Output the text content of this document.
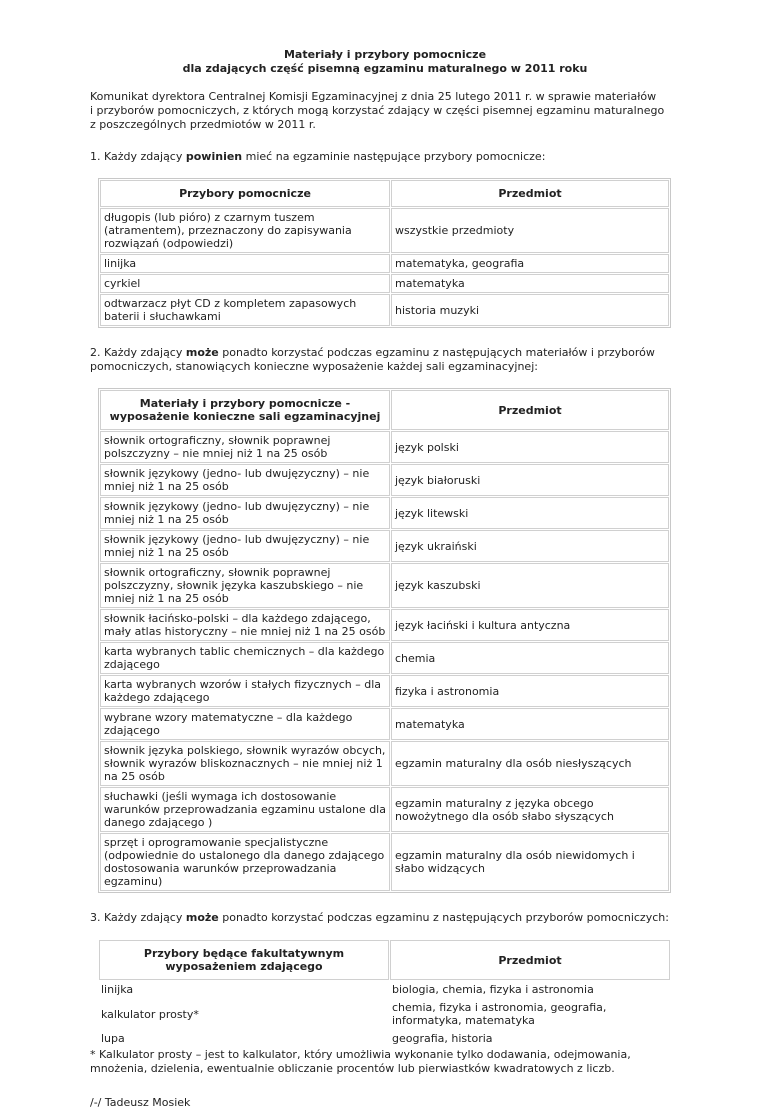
Materiały i przybory pomocnicze
dla zdających część pisemną egzaminu maturalnego w 2011 roku

Komunikat dyrektora Centralnej Komisji Egzaminacyjnej z dnia 25 lutego 2011 r. w sprawie materiałów
i przyborów pomocniczych, z których mogą korzystać zdający w części pisemnej egzaminu maturalnego
z poszczególnych przedmiotów w 2011 r.

1. Każdy zdający powinien mieć na egzaminie następujące przybory pomocnicze:

Przybory pomocnicze	Przedmiot
długopis (lub pióro) z czarnym tuszem (atramentem), przeznaczony do zapisywania rozwiązań (odpowiedzi)	wszystkie przedmioty
linijka	matematyka, geografia
cyrkiel	matematyka
odtwarzacz płyt CD z kompletem zapasowych baterii i słuchawkami	historia muzyki

2. Każdy zdający może ponadto korzystać podczas egzaminu z następujących materiałów i przyborów pomocniczych, stanowiących konieczne wyposażenie każdej sali egzaminacyjnej:

Materiały i przybory pomocnicze - wyposażenie konieczne sali egzaminacyjnej	Przedmiot
słownik ortograficzny, słownik poprawnej polszczyzny – nie mniej niż 1 na 25 osób	język polski
słownik językowy (jedno- lub dwujęzyczny) – nie mniej niż 1 na 25 osób	język białoruski
słownik językowy (jedno- lub dwujęzyczny) – nie mniej niż 1 na 25 osób	język litewski
słownik językowy (jedno- lub dwujęzyczny) – nie mniej niż 1 na 25 osób	język ukraiński
słownik ortograficzny, słownik poprawnej polszczyzny, słownik języka kaszubskiego – nie mniej niż 1 na 25 osób	język kaszubski
słownik łacińsko-polski – dla każdego zdającego, mały atlas historyczny – nie mniej niż 1 na 25 osób	język łaciński i kultura antyczna
karta wybranych tablic chemicznych – dla każdego zdającego	chemia
karta wybranych wzorów i stałych fizycznych – dla każdego zdającego	fizyka i astronomia
wybrane wzory matematyczne – dla każdego zdającego	matematyka
słownik języka polskiego, słownik wyrazów obcych, słownik wyrazów bliskoznacznych – nie mniej niż 1 na 25 osób	egzamin maturalny dla osób niesłyszących
słuchawki (jeśli wymaga ich dostosowanie warunków przeprowadzania egzaminu ustalone dla danego zdającego )	egzamin maturalny z języka obcego nowożytnego dla osób słabo słyszących
sprzęt i oprogramowanie specjalistyczne (odpowiednie do ustalonego dla danego zdającego dostosowania warunków przeprowadzania egzaminu)	egzamin maturalny dla osób niewidomych i słabo widzących

3. Każdy zdający może ponadto korzystać podczas egzaminu z następujących przyborów pomocniczych:

Przybory będące fakultatywnym wyposażeniem zdającego	Przedmiot
linijka	biologia, chemia, fizyka i astronomia
kalkulator prosty*	chemia, fizyka i astronomia, geografia, informatyka, matematyka
lupa	geografia, historia

* Kalkulator prosty – jest to kalkulator, który umożliwia wykonanie tylko dodawania, odejmowania, mnożenia, dzielenia, ewentualnie obliczanie procentów lub pierwiastków kwadratowych z liczb.

/-/ Tadeusz Mosiek
